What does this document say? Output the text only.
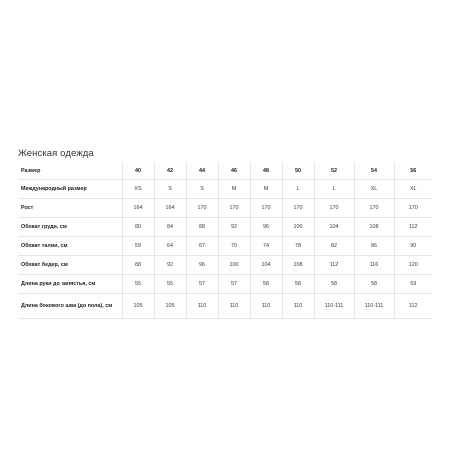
Женская одежда
Размер	40	42	44	46	48	50	52	54	56
Международный размер	XS	S	S	M	M	L	L	XL	XL
Рост	164	164	170	170	170	170	170	170	170
Обхват груди, см	80	84	88	92	96	100	104	108	112
Обхват талии, см	59	64	67	70	74	78	82	86	90
Обхват бедер, см	88	92	96	100	104	108	112	116	120
Длина руки до запястья, см	55	55	57	57	58	58	58	58	59
Длина бокового шва (до пола), см	105	105	110	110	110	110	110-111	110-111	112
